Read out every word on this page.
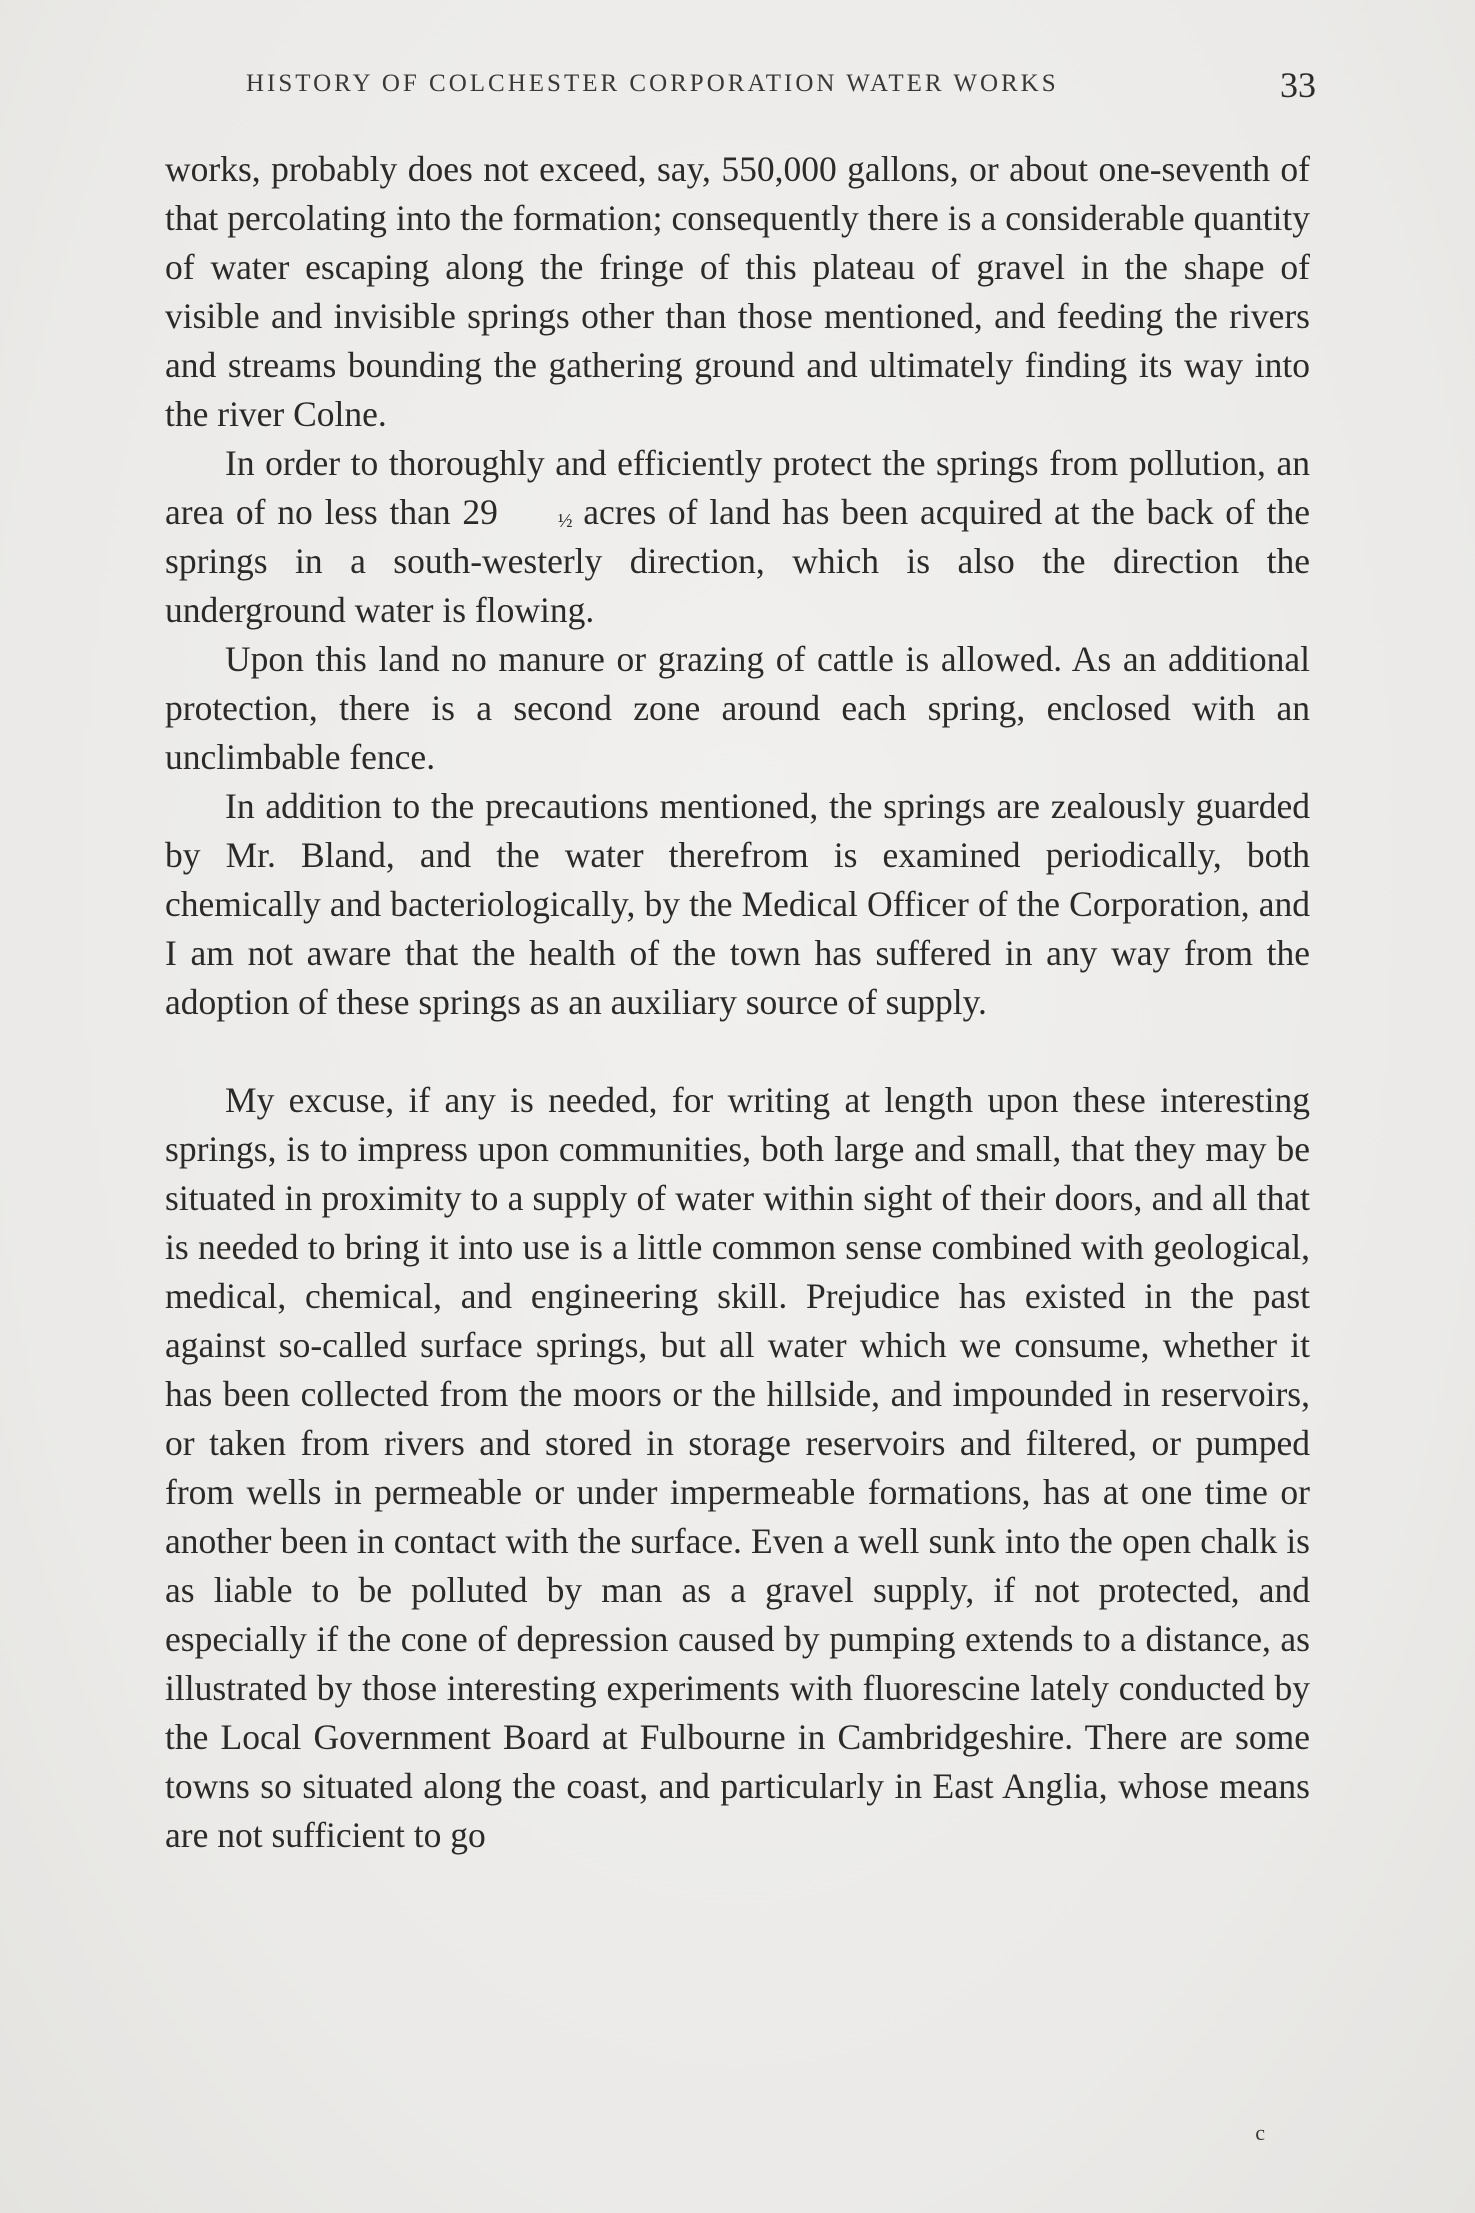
HISTORY OF COLCHESTER CORPORATION WATER WORKS	33

works, probably does not exceed, say, 550,000 gallons, or about one-seventh of that percolating into the formation; consequently there is a considerable quantity of water escaping along the fringe of this plateau of gravel in the shape of visible and invisible springs other than those mentioned, and feeding the rivers and streams bounding the gathering ground and ultimately finding its way into the river Colne.

In order to thoroughly and efficiently protect the springs from pollution, an area of no less than 29	½ acres of land has been acquired at the back of the springs in a south-westerly direction, which is also the direction the underground water is flowing.

Upon this land no manure or grazing of cattle is allowed. As an additional protection, there is a second zone around each spring, enclosed with an unclimbable fence.

In addition to the precautions mentioned, the springs are zealously guarded by Mr. Bland, and the water therefrom is examined periodically, both chemically and bacteriologically, by the Medical Officer of the Corporation, and I am not aware that the health of the town has suffered in any way from the adoption of these springs as an auxiliary source of supply.

My excuse, if any is needed, for writing at length upon these interesting springs, is to impress upon communities, both large and small, that they may be situated in proximity to a supply of water within sight of their doors, and all that is needed to bring it into use is a little common sense combined with geological, medical, chemical, and engineering skill. Prejudice has existed in the past against so-called surface springs, but all water which we consume, whether it has been collected from the moors or the hillside, and impounded in reservoirs, or taken from rivers and stored in storage reservoirs and filtered, or pumped from wells in permeable or under impermeable formations, has at one time or another been in contact with the surface. Even a well sunk into the open chalk is as liable to be polluted by man as a gravel supply, if not protected, and especially if the cone of depression caused by pumping extends to a distance, as illustrated by those interesting experiments with fluorescine lately conducted by the Local Government Board at Fulbourne in Cambridgeshire. There are some towns so situated along the coast, and particularly in East Anglia, whose means are not sufficient to go

c
